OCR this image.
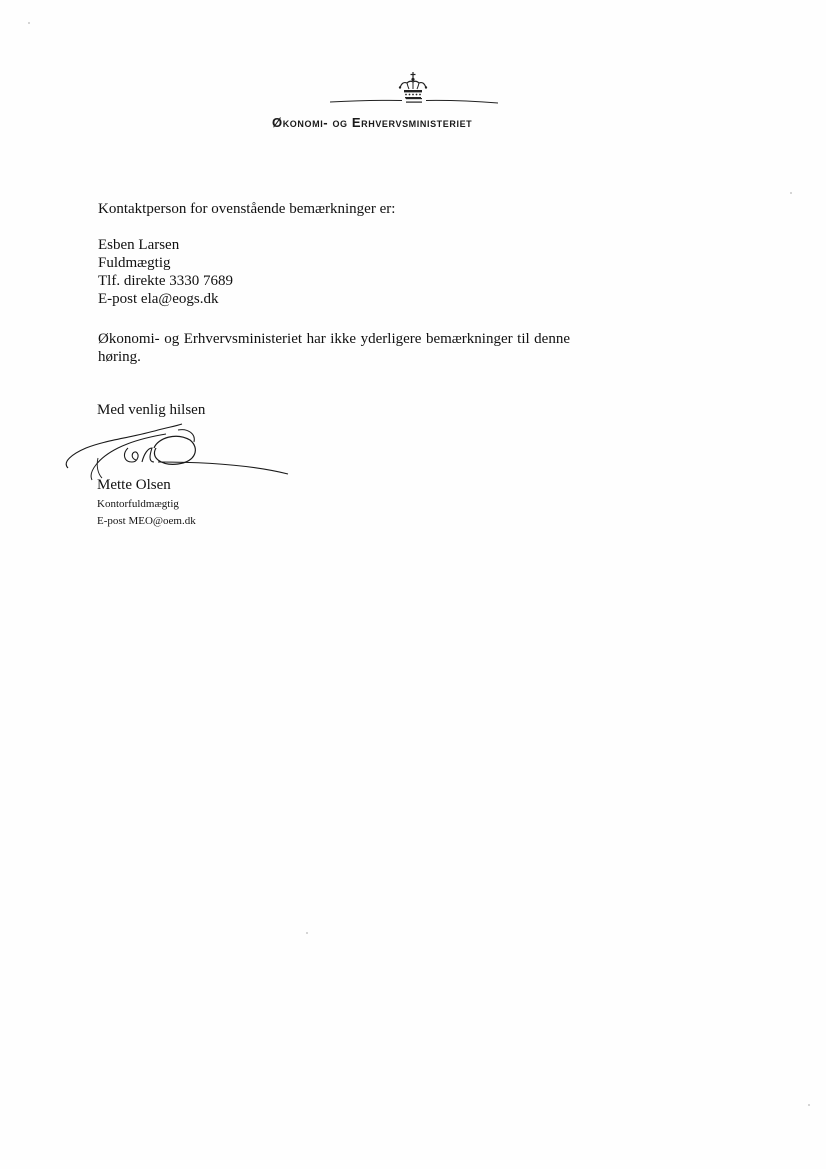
Økonomi- og Erhvervsministeriet
Kontaktperson for ovenstående bemærkninger er:
Esben Larsen
Fuldmægtig
Tlf. direkte 3330 7689
E-post ela@eogs.dk
Økonomi- og Erhvervsministeriet har ikke yderligere bemærkninger til denne høring.
Med venlig hilsen
Mette Olsen
Kontorfuldmægtig
E-post MEO@oem.dk
